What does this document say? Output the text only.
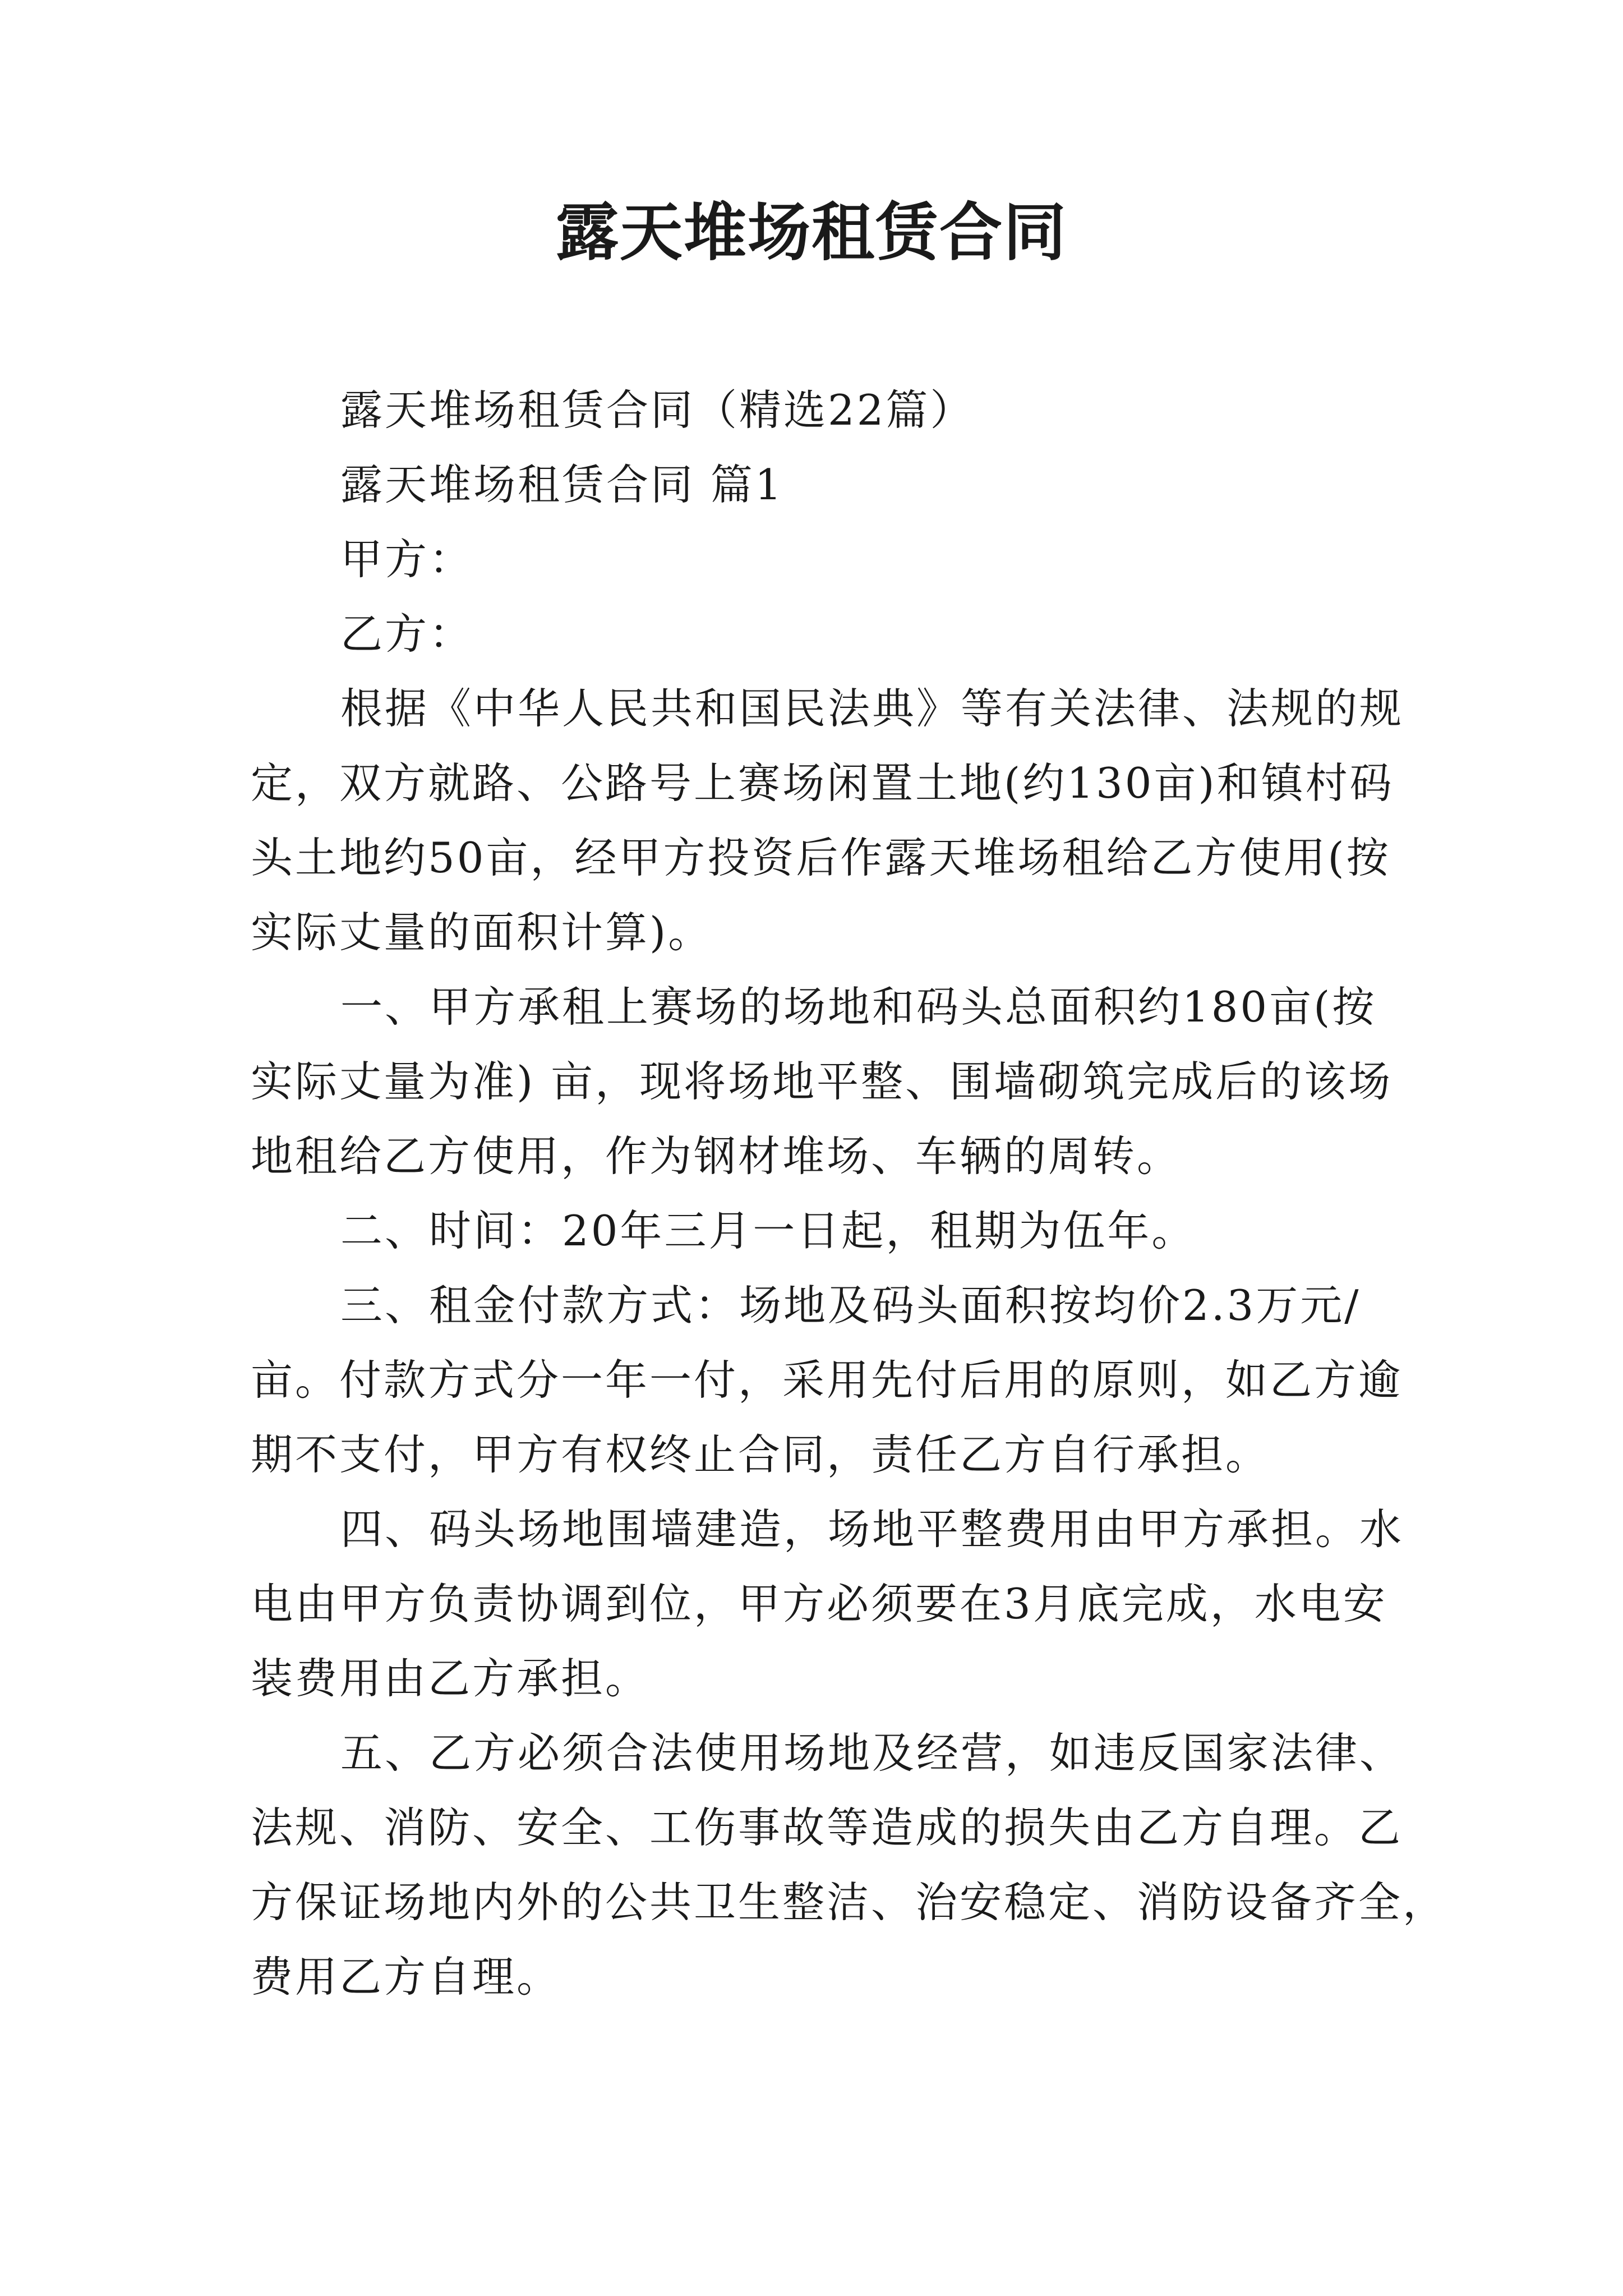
露天堆场租赁合同

露天堆场租赁合同（精选22篇）

露天堆场租赁合同 篇1

甲方：

乙方：

根据《中华人民共和国民法典》等有关法律、法规的规

定，双方就路、公路号上赛场闲置土地(约130亩)和镇村码

头土地约50亩，经甲方投资后作露天堆场租给乙方使用(按

实际丈量的面积计算)。

一、甲方承租上赛场的场地和码头总面积约180亩(按

实际丈量为准) 亩，现将场地平整、围墙砌筑完成后的该场

地租给乙方使用，作为钢材堆场、车辆的周转。

二、时间：20年三月一日起，租期为伍年。

三、租金付款方式：场地及码头面积按均价2.3万元/

亩。付款方式分一年一付，采用先付后用的原则，如乙方逾

期不支付，甲方有权终止合同，责任乙方自行承担。

四、码头场地围墙建造，场地平整费用由甲方承担。水

电由甲方负责协调到位，甲方必须要在3月底完成，水电安

装费用由乙方承担。

五、乙方必须合法使用场地及经营，如违反国家法律、

法规、消防、安全、工伤事故等造成的损失由乙方自理。乙

方保证场地内外的公共卫生整洁、治安稳定、消防设备齐全，

费用乙方自理。
